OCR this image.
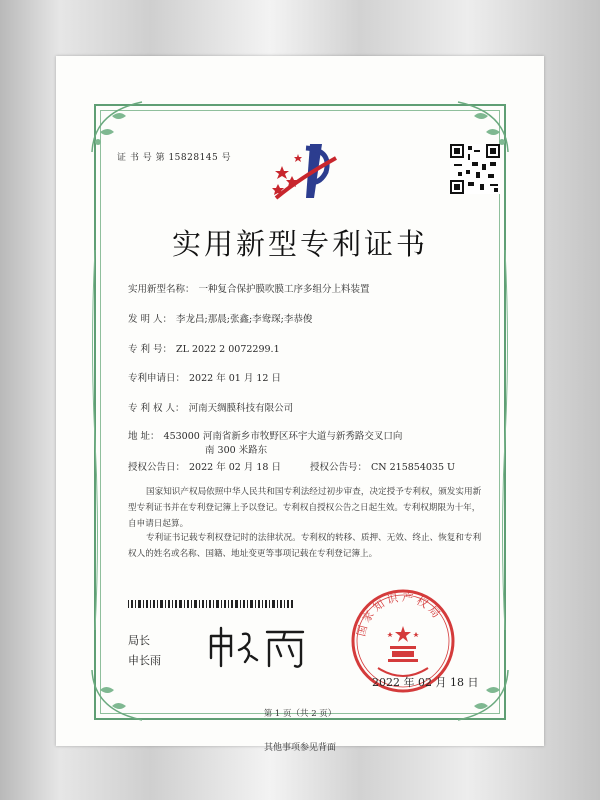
证 书 号 第 15828145 号
实用新型专利证书
实用新型名称： 一种复合保护膜吹膜工序多组分上料装置
发 明 人： 李龙昌;那晨;张鑫;李鸯琛;李恭俊
专 利 号： ZL 2022 2 0072299.1
专利申请日： 2022 年 01 月 12 日
专 利 权 人： 河南天绸膜科技有限公司
地 址： 453000 河南省新乡市牧野区环宇大道与新秀路交叉口向
南 300 米路东
授权公告日： 2022 年 02 月 18 日	授权公告号： CN 215854035 U
国家知识产权局依照中华人民共和国专利法经过初步审查，决定授予专利权，颁发实用新型专利证书并在专利登记簿上予以登记。专利权自授权公告之日起生效。专利权期限为十年，自申请日起算。
专利证书记载专利权登记时的法律状况。专利权的转移、质押、无效、终止、恢复和专利权人的姓名或名称、国籍、地址变更等事项记载在专利登记簿上。
局长
申长雨
国家知识产权局
2022 年 02 月 18 日
第 1 页（共 2 页）
其他事项参见背面
